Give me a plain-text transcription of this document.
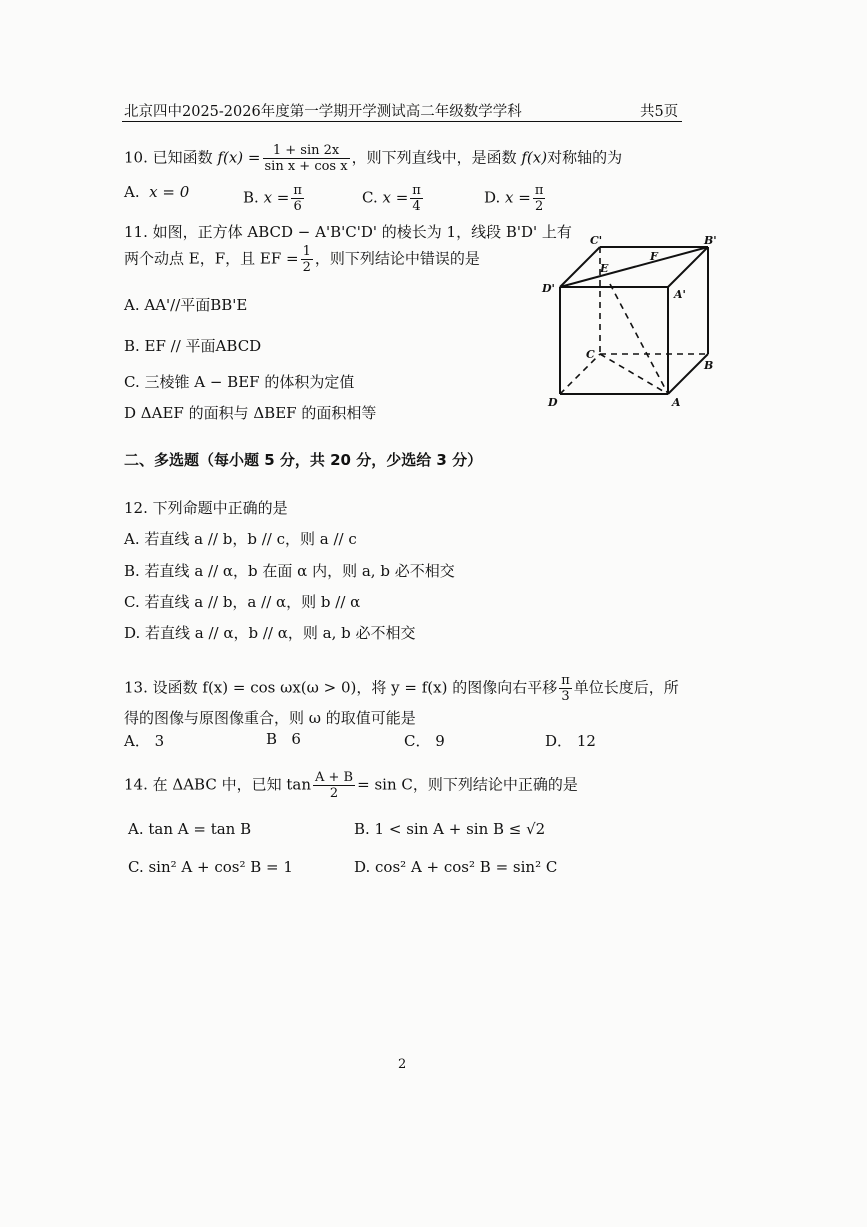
北京四中2025-2026年度第一学期开学测试高二年级数学学科	共5页
10. 已知函数 $f(x) = \frac{1 + \sin 2x}{\text{sin x + cos x}}$ ，则下列直线中，是函数 f(x)对称轴的为
A. x = 0	B. $x = \frac{\pi}{6}$	C. $x = \frac{\pi}{4}$	D. $x = \frac{\pi}{2}$
11. 如图，正方体 ABCD − A'B'C'D' 的棱长为 1，线段 B'D' 上有
两个动点 E，F，且 EF = $\frac{1}{2}$ ，则下列结论中错误的是
A. AA'//平面BB'E
B. EF // 平面ABCD
C. 三棱锥 A − BEF 的体积为定值
D ΔAEF 的面积与 ΔBEF 的面积相等
C'	B'
D'	A'
E
F
C
B
D	A
二、多选题（每小题 5 分，共 20 分，少选给 3 分）
12. 下列命题中正确的是
A. 若直线 a // b，b // c，则 a // c
B. 若直线 a // α，b 在面 α 内，则 a, b 必不相交
C. 若直线 a // b，a // α，则 b // α
D. 若直线 a // α，b // α，则 a, b 必不相交
13. 设函数 f(x) = cos ωx(ω > 0)，将 y = f(x) 的图像向右平移 $\frac{\pi}{3}$ 单位长度后，所
得的图像与原图像重合，则 ω 的取值可能是
A． 3	B 6	C． 9	D． 12
14. 在 ΔABC 中，已知 $\tan \frac{A + B}{2} = \sin C$，则下列结论中正确的是
A. tan A = tan B	B. 1 < sin A + sin B ≤ √2
C. sin² A + cos² B = 1	D. cos² A + cos² B = sin² C
2
